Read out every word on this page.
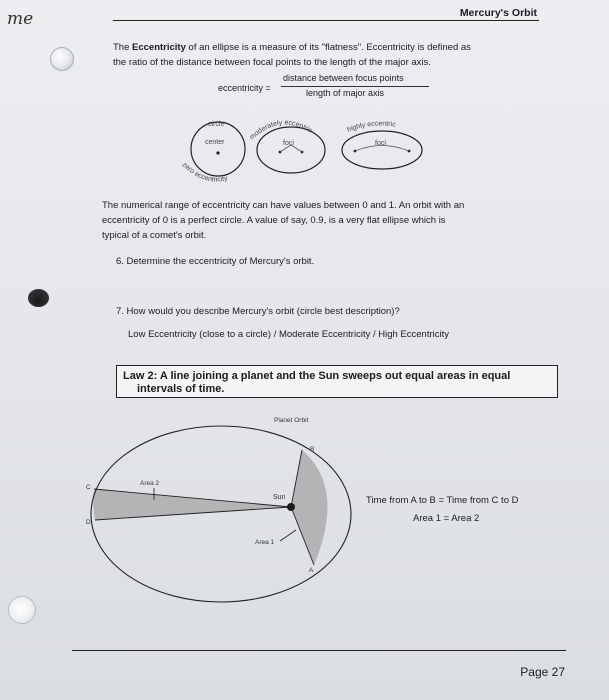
me	Mercury's Orbit
The Eccentricity of an ellipse is a measure of its "flatness". Eccentricity is defined as
the ratio of the distance between focal points to the length of the major axis.
eccentricity =
distance between focus points
length of major axis
circle
center	foci	foci
zero eccentricity
moderately eccentric	highly eccentric
The numerical range of eccentricity can have values between 0 and 1. An orbit with an
eccentricity of 0 is a perfect circle. A value of say, 0.9, is a very flat ellipse which is
typical of a comet's orbit.
6. Determine the eccentricity of Mercury's orbit.
7. How would you describe Mercury's orbit (circle best description)?
Low Eccentricity (close to a circle) / Moderate Eccentricity / High Eccentricity
Law 2: A line joining a planet and the Sun sweeps out equal areas in equal
intervals of time.
Planet Orbit
Sun
Area 1
Area 2
A
B
C
D
Time from A to B = Time from C to D
Area 1 = Area 2
Page 27
